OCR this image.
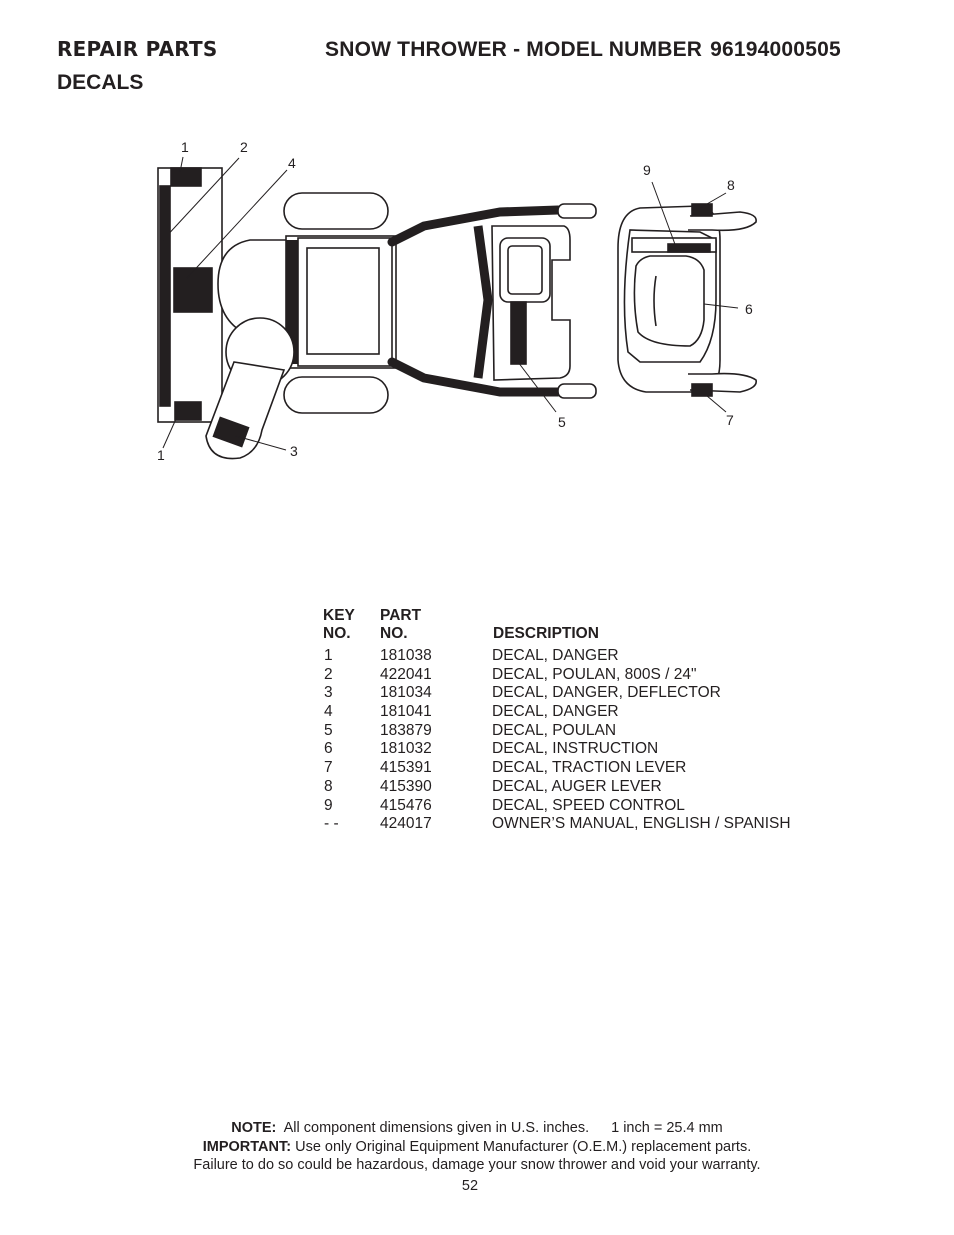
REPAIR PARTS	SNOW THROWER - MODEL NUMBER 96194000505
DECALS
1	2
4	9
8
6
1	3
5	7
KEY
NO.
PART
NO.	DESCRIPTION
1	181038	DECAL, DANGER
2	422041	DECAL, POULAN, 800S / 24"
3	181034	DECAL, DANGER, DEFLECTOR
4	181041	DECAL, DANGER
5	183879	DECAL, POULAN
6	181032	DECAL, INSTRUCTION
7	415391	DECAL, TRACTION LEVER
8	415390	DECAL, AUGER LEVER
9	415476	DECAL, SPEED CONTROL
- -	424017	OWNER’S MANUAL, ENGLISH / SPANISH
NOTE: All component dimensions given in U.S. inches. 1 inch = 25.4 mm
IMPORTANT: Use only Original Equipment Manufacturer (O.E.M.) replacement parts.
Failure to do so could be hazardous, damage your snow thrower and void your warranty.
52
